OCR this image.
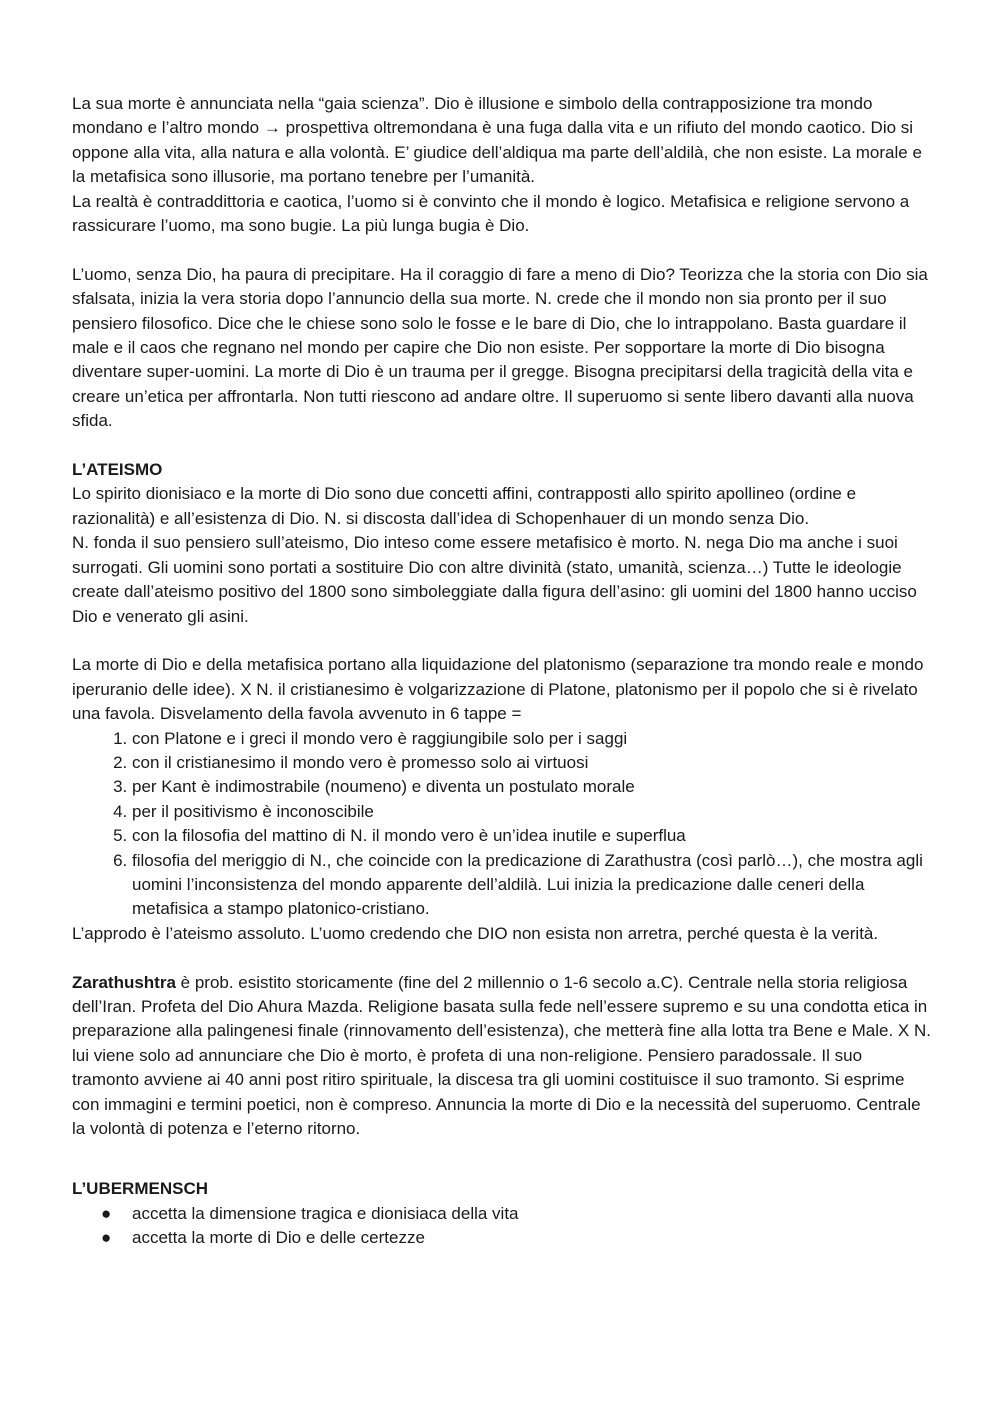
La sua morte è annunciata nella “gaia scienza”. Dio è illusione e simbolo della contrapposizione tra mondo mondano e l’altro mondo → prospettiva oltremondana è una fuga dalla vita e un rifiuto del mondo caotico. Dio si oppone alla vita, alla natura e alla volontà. E’ giudice dell’aldiqua ma parte dell’aldilà, che non esiste. La morale e la metafisica sono illusorie, ma portano tenebre per l’umanità.

La realtà è contraddittoria e caotica, l’uomo si è convinto che il mondo è logico. Metafisica e religione servono a rassicurare l’uomo, ma sono bugie. La più lunga bugia è Dio.

L’uomo, senza Dio, ha paura di precipitare. Ha il coraggio di fare a meno di Dio? Teorizza che la storia con Dio sia sfalsata, inizia la vera storia dopo l’annuncio della sua morte. N. crede che il mondo non sia pronto per il suo pensiero filosofico. Dice che le chiese sono solo le fosse e le bare di Dio, che lo intrappolano. Basta guardare il male e il caos che regnano nel mondo per capire che Dio non esiste. Per sopportare la morte di Dio bisogna diventare super-uomini. La morte di Dio è un trauma per il gregge. Bisogna precipitarsi della tragicità della vita e creare un’etica per affrontarla. Non tutti riescono ad andare oltre. Il superuomo si sente libero davanti alla nuova sfida.

L’ATEISMO

Lo spirito dionisiaco e la morte di Dio sono due concetti affini, contrapposti allo spirito apollineo (ordine e razionalità) e all’esistenza di Dio. N. si discosta dall’idea di Schopenhauer di un mondo senza Dio.

N. fonda il suo pensiero sull’ateismo, Dio inteso come essere metafisico è morto. N. nega Dio ma anche i suoi surrogati. Gli uomini sono portati a sostituire Dio con altre divinità (stato, umanità, scienza…) Tutte le ideologie create dall’ateismo positivo del 1800 sono simboleggiate dalla figura dell’asino: gli uomini del 1800 hanno ucciso Dio e venerato gli asini.

La morte di Dio e della metafisica portano alla liquidazione del platonismo (separazione tra mondo reale e mondo iperuranio delle idee). X N. il cristianesimo è volgarizzazione di Platone, platonismo per il popolo che si è rivelato una favola. Disvelamento della favola avvenuto in 6 tappe =

1. con Platone e i greci il mondo vero è raggiungibile solo per i saggi
2. con il cristianesimo il mondo vero è promesso solo ai virtuosi
3. per Kant è indimostrabile (noumeno) e diventa un postulato morale
4. per il positivismo è inconoscibile
5. con la filosofia del mattino di N. il mondo vero è un’idea inutile e superflua
6. filosofia del meriggio di N., che coincide con la predicazione di Zarathustra (così parlò…), che mostra agli uomini l’inconsistenza del mondo apparente dell’aldilà. Lui inizia la predicazione dalle ceneri della metafisica a stampo platonico-cristiano.

L’approdo è l’ateismo assoluto. L’uomo credendo che DIO non esista non arretra, perché questa è la verità.

Zarathushtra è prob. esistito storicamente (fine del 2 millennio o 1-6 secolo a.C). Centrale nella storia religiosa dell’Iran. Profeta del Dio Ahura Mazda. Religione basata sulla fede nell’essere supremo e su una condotta etica in preparazione alla palingenesi finale (rinnovamento dell’esistenza), che metterà fine alla lotta tra Bene e Male. X N. lui viene solo ad annunciare che Dio è morto, è profeta di una non-religione. Pensiero paradossale. Il suo tramonto avviene ai 40 anni post ritiro spirituale, la discesa tra gli uomini costituisce il suo tramonto. Si esprime con immagini e termini poetici, non è compreso. Annuncia la morte di Dio e la necessità del superuomo. Centrale la volontà di potenza e l’eterno ritorno.

L’UBERMENSCH

● accetta la dimensione tragica e dionisiaca della vita
● accetta la morte di Dio e delle certezze
